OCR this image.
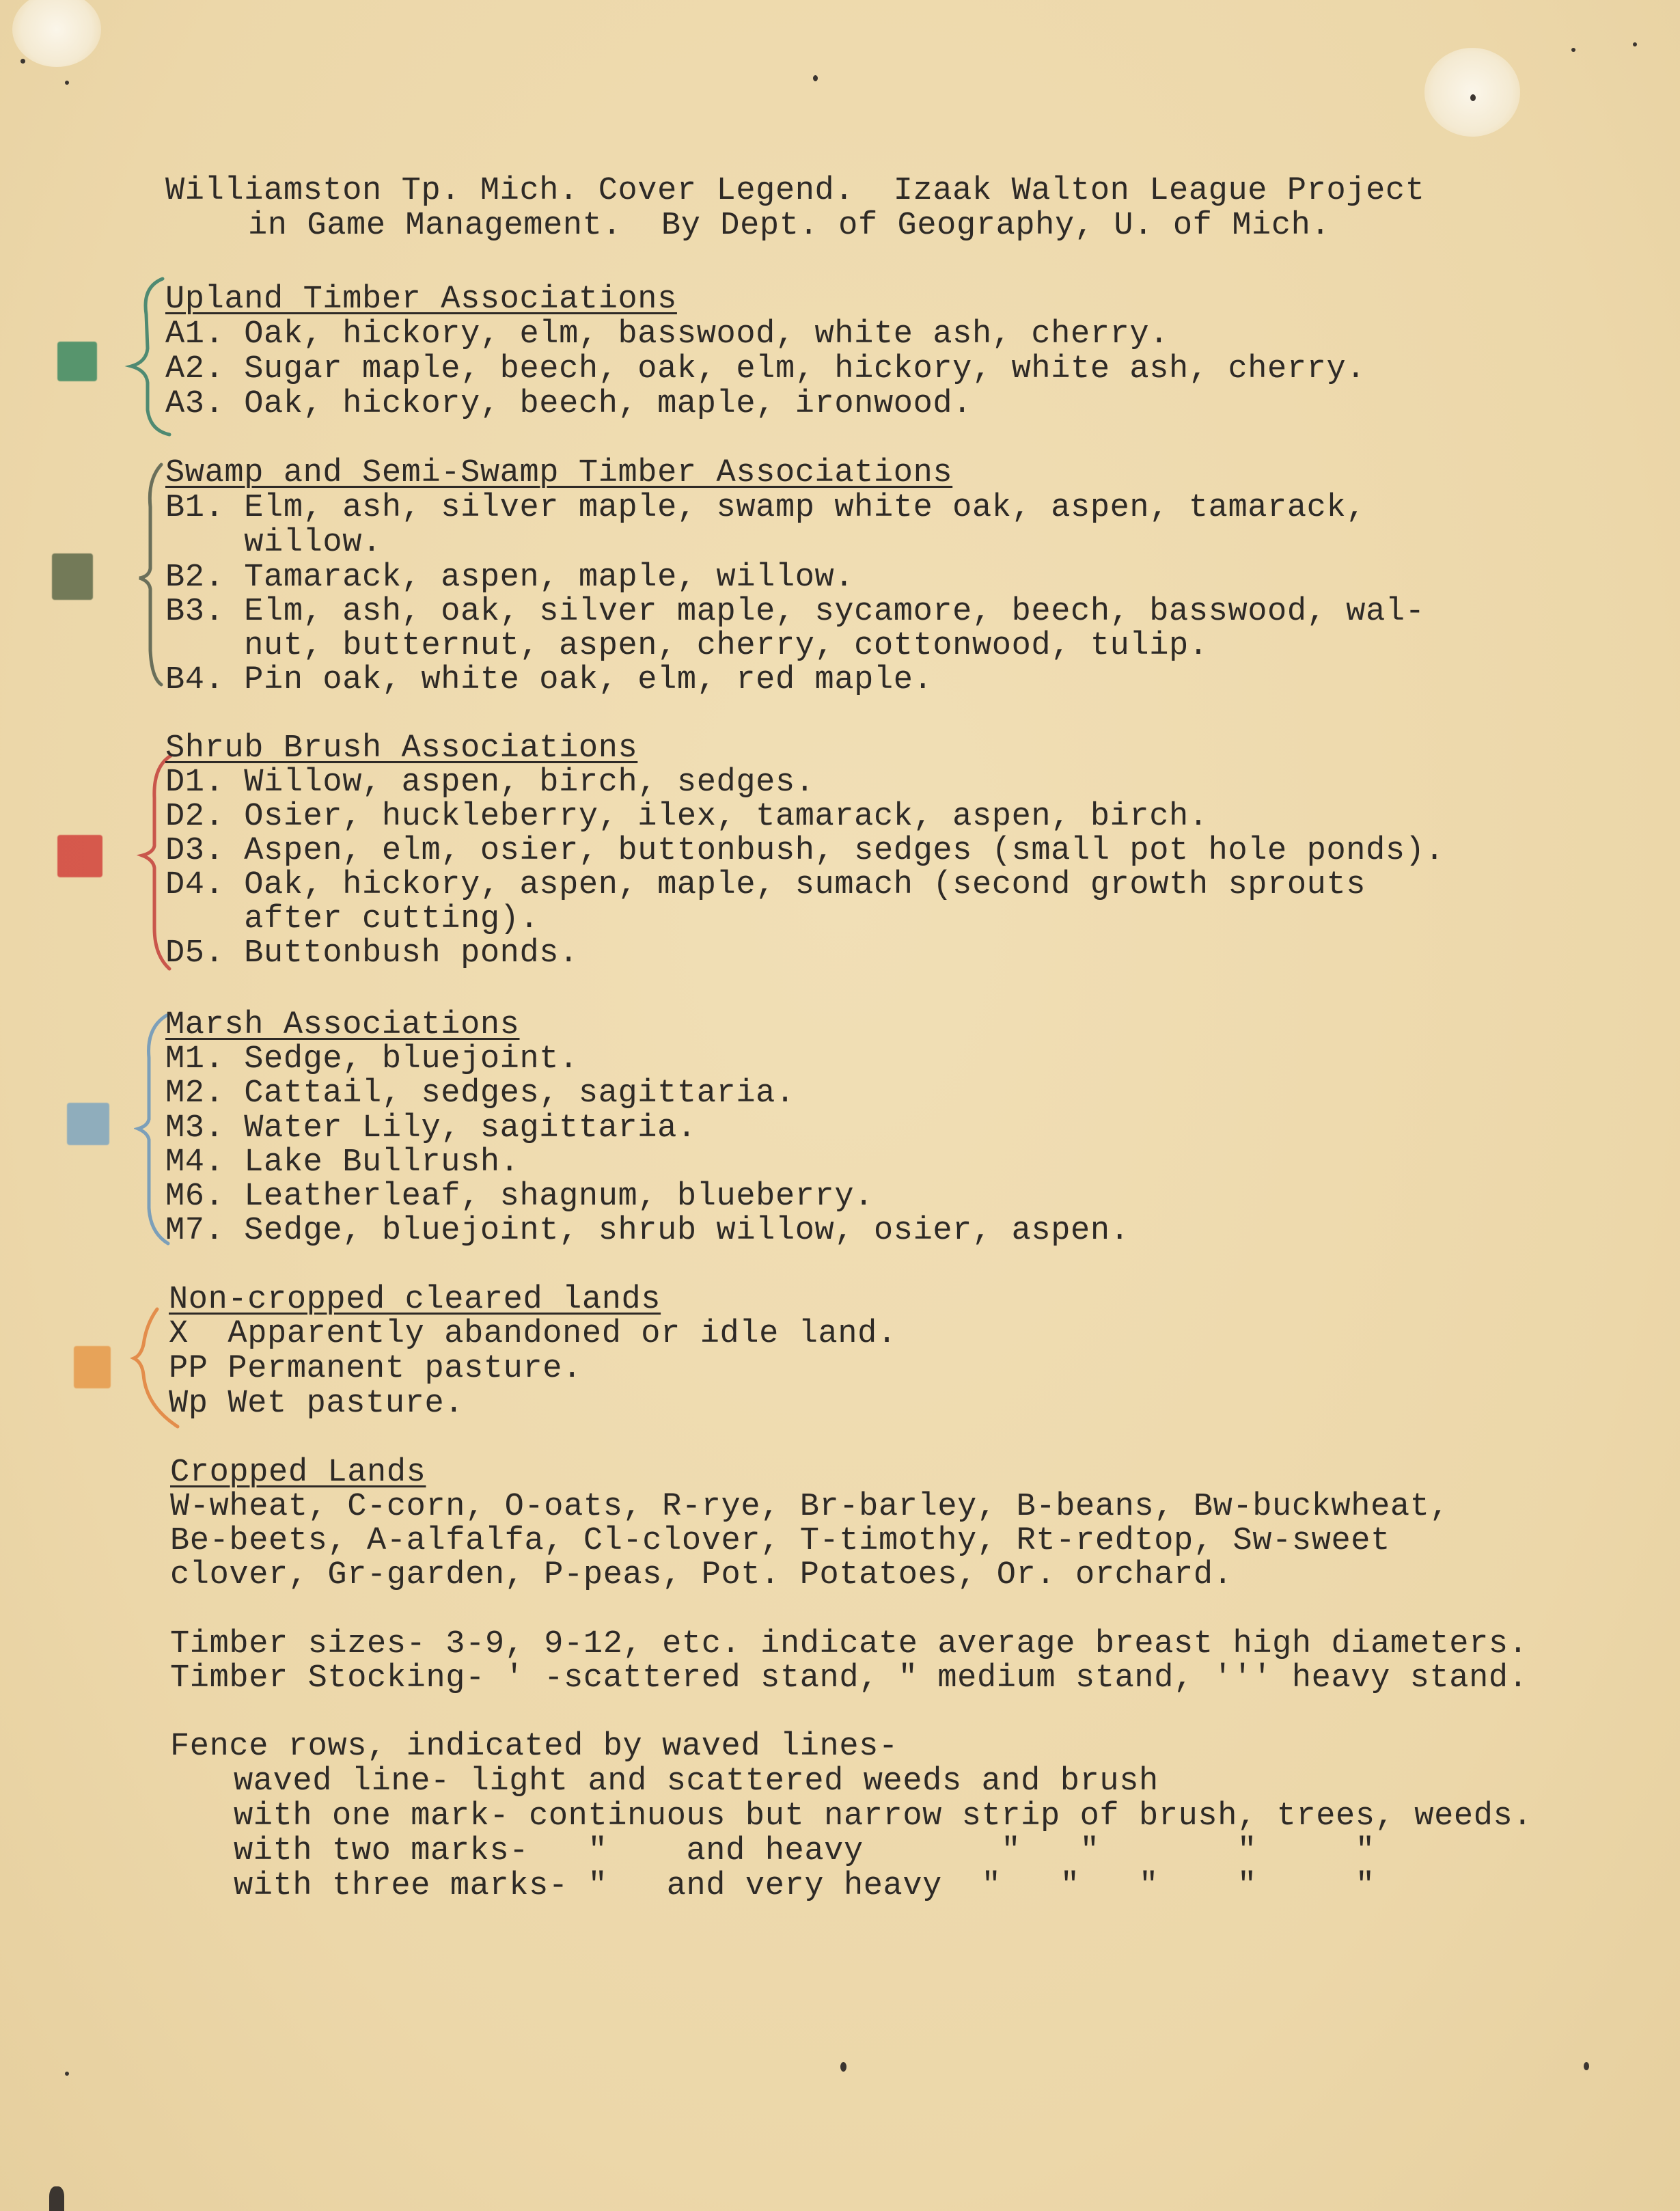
Williamston Tp. Mich. Cover Legend.  Izaak Walton League Project
in Game Management.  By Dept. of Geography, U. of Mich.
Upland Timber Associations
A1. Oak, hickory, elm, basswood, white ash, cherry.
A2. Sugar maple, beech, oak, elm, hickory, white ash, cherry.
A3. Oak, hickory, beech, maple, ironwood.
Swamp and Semi-Swamp Timber Associations
B1. Elm, ash, silver maple, swamp white oak, aspen, tamarack,
willow.
B2. Tamarack, aspen, maple, willow.
B3. Elm, ash, oak, silver maple, sycamore, beech, basswood, wal-
nut, butternut, aspen, cherry, cottonwood, tulip.
B4. Pin oak, white oak, elm, red maple.
Shrub Brush Associations
D1. Willow, aspen, birch, sedges.
D2. Osier, huckleberry, ilex, tamarack, aspen, birch.
D3. Aspen, elm, osier, buttonbush, sedges (small pot hole ponds).
D4. Oak, hickory, aspen, maple, sumach (second growth sprouts
after cutting).
D5. Buttonbush ponds.
Marsh Associations
M1. Sedge, bluejoint.
M2. Cattail, sedges, sagittaria.
M3. Water Lily, sagittaria.
M4. Lake Bullrush.
M6. Leatherleaf, shagnum, blueberry.
M7. Sedge, bluejoint, shrub willow, osier, aspen.
Non-cropped cleared lands
X  Apparently abandoned or idle land.
PP Permanent pasture.
Wp Wet pasture.
Cropped Lands
W-wheat, C-corn, O-oats, R-rye, Br-barley, B-beans, Bw-buckwheat,
Be-beets, A-alfalfa, Cl-clover, T-timothy, Rt-redtop, Sw-sweet
clover, Gr-garden, P-peas, Pot. Potatoes, Or. orchard.
Timber sizes- 3-9, 9-12, etc. indicate average breast high diameters.
Timber Stocking- ' -scattered stand, " medium stand, ''' heavy stand.
Fence rows, indicated by waved lines-
waved line- light and scattered weeds and brush
with one mark- continuous but narrow strip of brush, trees, weeds.
with two marks-   "    and heavy       "   "       "     "
with three marks- "   and very heavy  "   "   "    "     "
